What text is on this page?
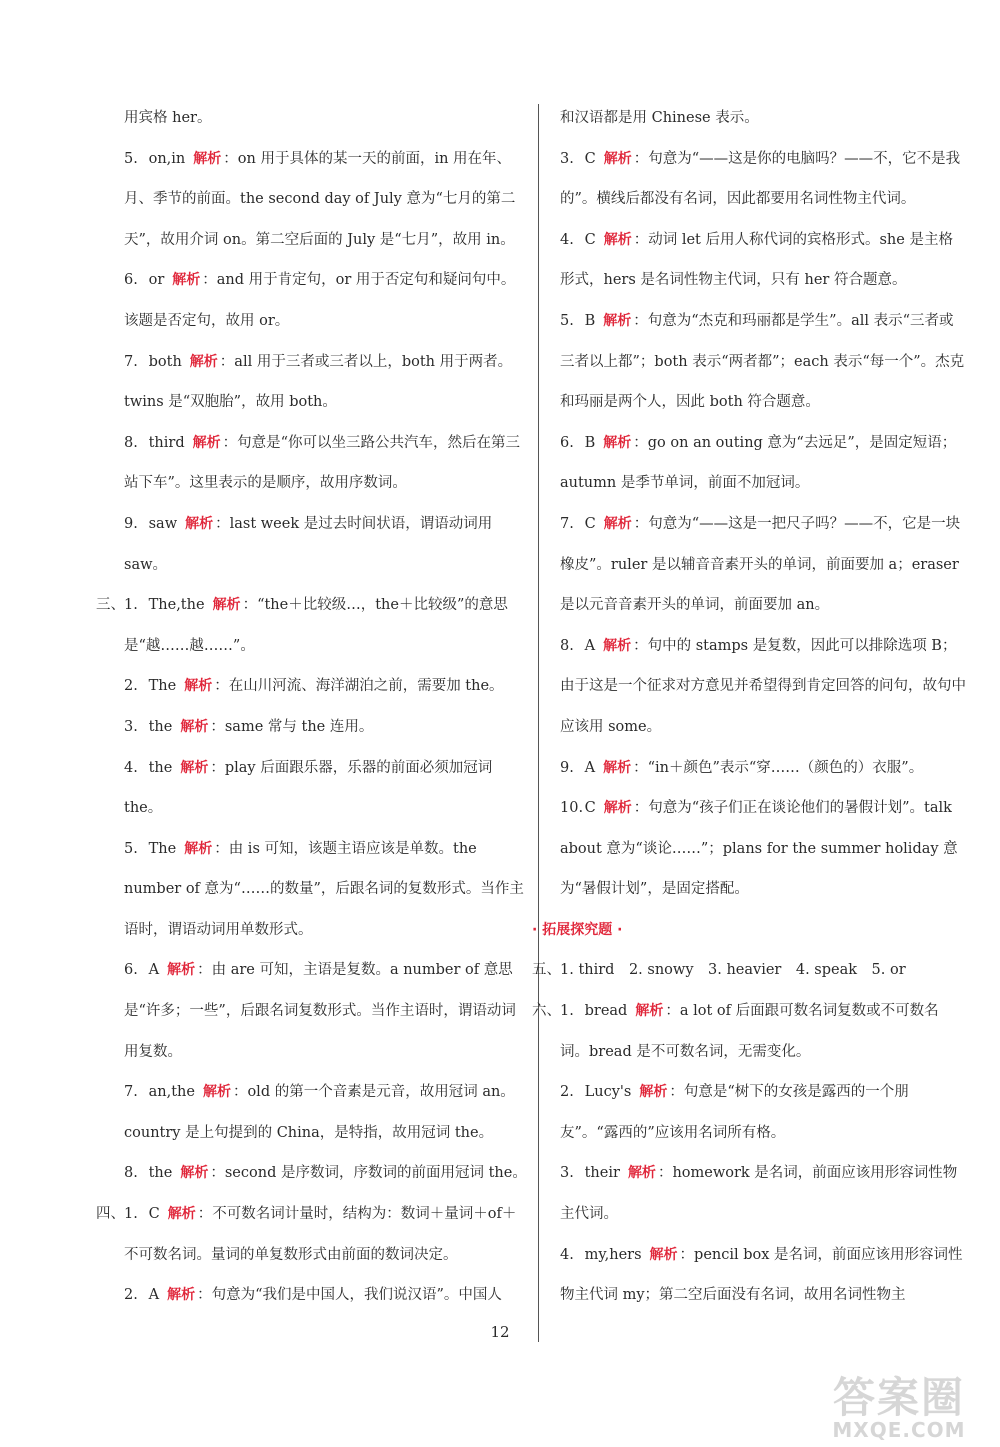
用宾格 her。
5. on,in 解析 ：on 用于具体的某一天的前面，in 用在年、月、季节的前面。the second day of July 意为“七月的第二天”，故用介词 on。第二空后面的 July 是“七月”，故用 in。
6. or 解析 ：and 用于肯定句，or 用于否定句和疑问句中。该题是否定句，故用 or。
7. both 解析 ：all 用于三者或三者以上，both 用于两者。twins 是“双胞胎”，故用 both。
8. third 解析 ：句意是“你可以坐三路公共汽车，然后在第三站下车”。这里表示的是顺序，故用序数词。
9. saw 解析 ：last week 是过去时间状语，谓语动词用 saw。
三、1. The,the 解析 ：“the＋比较级…，the＋比较级”的意思是“越……越……”。
2. The 解析 ：在山川河流、海洋湖泊之前，需要加 the。
3. the 解析 ：same 常与 the 连用。
4. the 解析 ：play 后面跟乐器，乐器的前面必须加冠词 the。
5. The 解析 ：由 is 可知，该题主语应该是单数。the number of 意为“……的数量”，后跟名词的复数形式。当作主语时，谓语动词用单数形式。
6. A 解析 ：由 are 可知，主语是复数。a number of 意思是“许多；一些”，后跟名词复数形式。当作主语时，谓语动词用复数。
7. an,the 解析 ：old 的第一个音素是元音，故用冠词 an。country 是上句提到的 China，是特指，故用冠词 the。
8. the 解析 ：second 是序数词，序数词的前面用冠词 the。
四、1. C 解析 ：不可数名词计量时，结构为：数词＋量词＋of＋不可数名词。量词的单复数形式由前面的数词决定。
2. A 解析 ：句意为“我们是中国人，我们说汉语”。中国人
和汉语都是用 Chinese 表示。
3. C 解析 ：句意为“——这是你的电脑吗？——不，它不是我的”。横线后都没有名词，因此都要用名词性物主代词。
4. C 解析 ：动词 let 后用人称代词的宾格形式。she 是主格形式，hers 是名词性物主代词，只有 her 符合题意。
5. B 解析 ：句意为“杰克和玛丽都是学生”。all 表示“三者或三者以上都”；both 表示“两者都”；each 表示“每一个”。杰克和玛丽是两个人，因此 both 符合题意。
6. B 解析 ：go on an outing 意为“去远足”，是固定短语；autumn 是季节单词，前面不加冠词。
7. C 解析 ：句意为“——这是一把尺子吗？——不，它是一块橡皮”。ruler 是以辅音音素开头的单词，前面要加 a；eraser 是以元音音素开头的单词，前面要加 an。
8. A 解析 ：句中的 stamps 是复数，因此可以排除选项 B；由于这是一个征求对方意见并希望得到肯定回答的问句，故句中应该用 some。
9. A 解析 ：“in＋颜色”表示“穿……（颜色的）衣服”。
10. C 解析 ：句意为“孩子们正在谈论他们的暑假计划”。talk about 意为“谈论……”；plans for the summer holiday 意为“暑假计划”，是固定搭配。
· 拓展探究题 ·
五、1. third　2. snowy　3. heavier　4. speak　5. or
六、1. bread 解析 ：a lot of 后面跟可数名词复数或不可数名词。bread 是不可数名词，无需变化。
2. Lucy's 解析 ：句意是“树下的女孩是露西的一个朋友”。“露西的”应该用名词所有格。
3. their 解析 ：homework 是名词，前面应该用形容词性物主代词。
4. my,hers 解析 ：pencil box 是名词，前面应该用形容词性物主代词 my；第二空后面没有名词，故用名词性物主
12
答案圈
MXQE.COM
